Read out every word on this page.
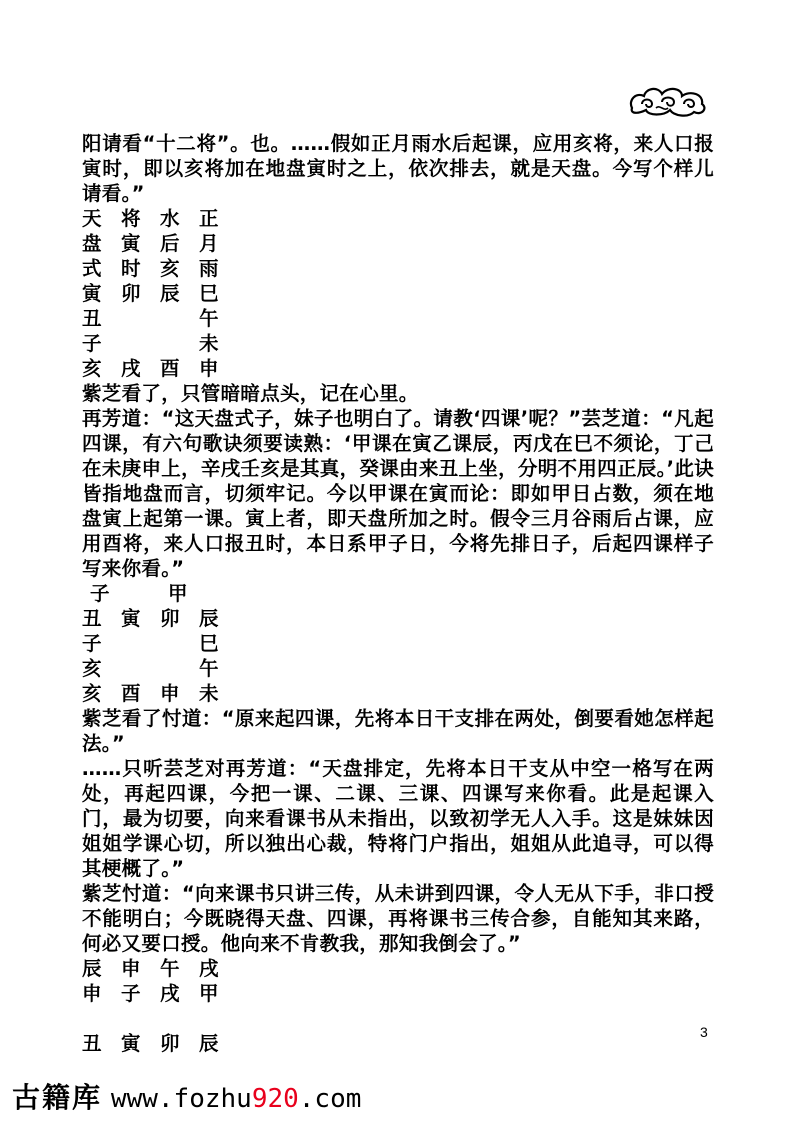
阳请看“十二将”。也。……假如正月雨水后起课，应用亥将，来人口报寅时，即以亥将加在地盘寅时之上，依次排去，就是天盘。今写个样儿请看。”

天 将 水 正
盘 寅 后 月
式 时 亥 雨
寅 卯 辰 巳
丑	午
子	未
亥 戌 酉 申

紫芝看了，只管暗暗点头，记在心里。

再芳道：“这天盘式子，妹子也明白了。请教‘四课’呢？”芸芝道：“凡起四课，有六句歌诀须要读熟：‘甲课在寅乙课辰，丙戊在巳不须论，丁己在未庚申上，辛戌壬亥是其真，癸课由来丑上坐，分明不用四正辰。’此诀皆指地盘而言，切须牢记。今以甲课在寅而论：即如甲日占数，须在地盘寅上起第一课。寅上者，即天盘所加之时。假令三月谷雨后占课，应用酉将，来人口报丑时，本日系甲子日，今将先排日子，后起四课样子写来你看。”

子	甲
丑 寅 卯 辰
子	巳
亥	午
亥 酉 申 未

紫芝看了忖道：“原来起四课，先将本日干支排在两处，倒要看她怎样起法。”

……只听芸芝对再芳道：“天盘排定，先将本日干支从中空一格写在两处，再起四课，今把一课、二课、三课、四课写来你看。此是起课入门，最为切要，向来看课书从未指出，以致初学无人入手。这是妹妹因姐姐学课心切，所以独出心裁，特将门户指出，姐姐从此追寻，可以得其梗概了。”

紫芝忖道：“向来课书只讲三传，从未讲到四课，令人无从下手，非口授不能明白；今既晓得天盘、四课，再将课书三传合参，自能知其来路，何必又要口授。他向来不肯教我，那知我倒会了。”

辰 申 午 戌
申 子 戌 甲
丑 寅 卯 辰	3
古籍库 www.fozhu920.com
